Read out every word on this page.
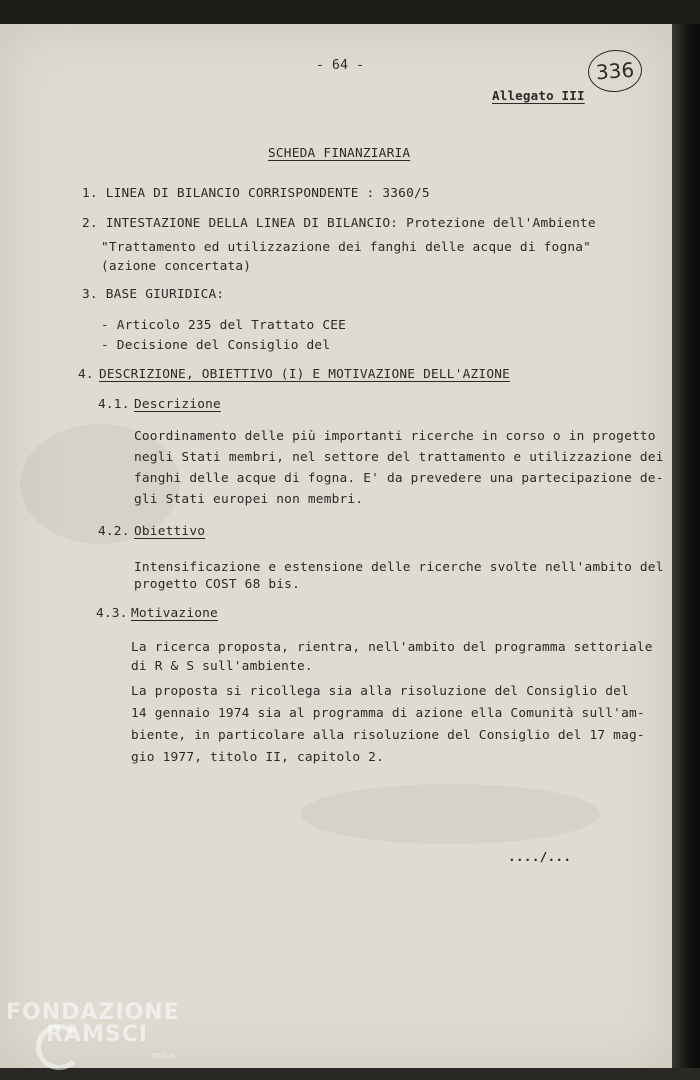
- 64 -
Allegato III
336
SCHEDA FINANZIARIA
1. LINEA DI BILANCIO CORRISPONDENTE : 3360/5
2. INTESTAZIONE DELLA LINEA DI BILANCIO: Protezione dell'Ambiente
"Trattamento ed utilizzazione dei fanghi delle acque di fogna"
(azione concertata)
3. BASE GIURIDICA:
- Articolo 235 del Trattato CEE
- Decisione del Consiglio del
4. DESCRIZIONE, OBIETTIVO (I) E MOTIVAZIONE DELL'AZIONE
4.1. Descrizione
Coordinamento delle più importanti ricerche in corso o in progetto
negli Stati membri, nel settore del trattamento e utilizzazione dei
fanghi delle acque di fogna. E' da prevedere una partecipazione de-
gli Stati europei non membri.
4.2. Obiettivo
Intensificazione e estensione delle ricerche svolte nell'ambito del
progetto COST 68 bis.
4.3. Motivazione
La ricerca proposta, rientra, nell'ambito del programma settoriale
di R & S sull'ambiente.
La proposta si ricollega sia alla risoluzione del Consiglio del
14 gennaio 1974 sia al programma di azione ella Comunità sull'am-
biente, in particolare alla risoluzione del Consiglio del 17 mag-
gio 1977, titolo II, capitolo 2.
..../...
FONDAZIONE
RAMSCI
onlus
